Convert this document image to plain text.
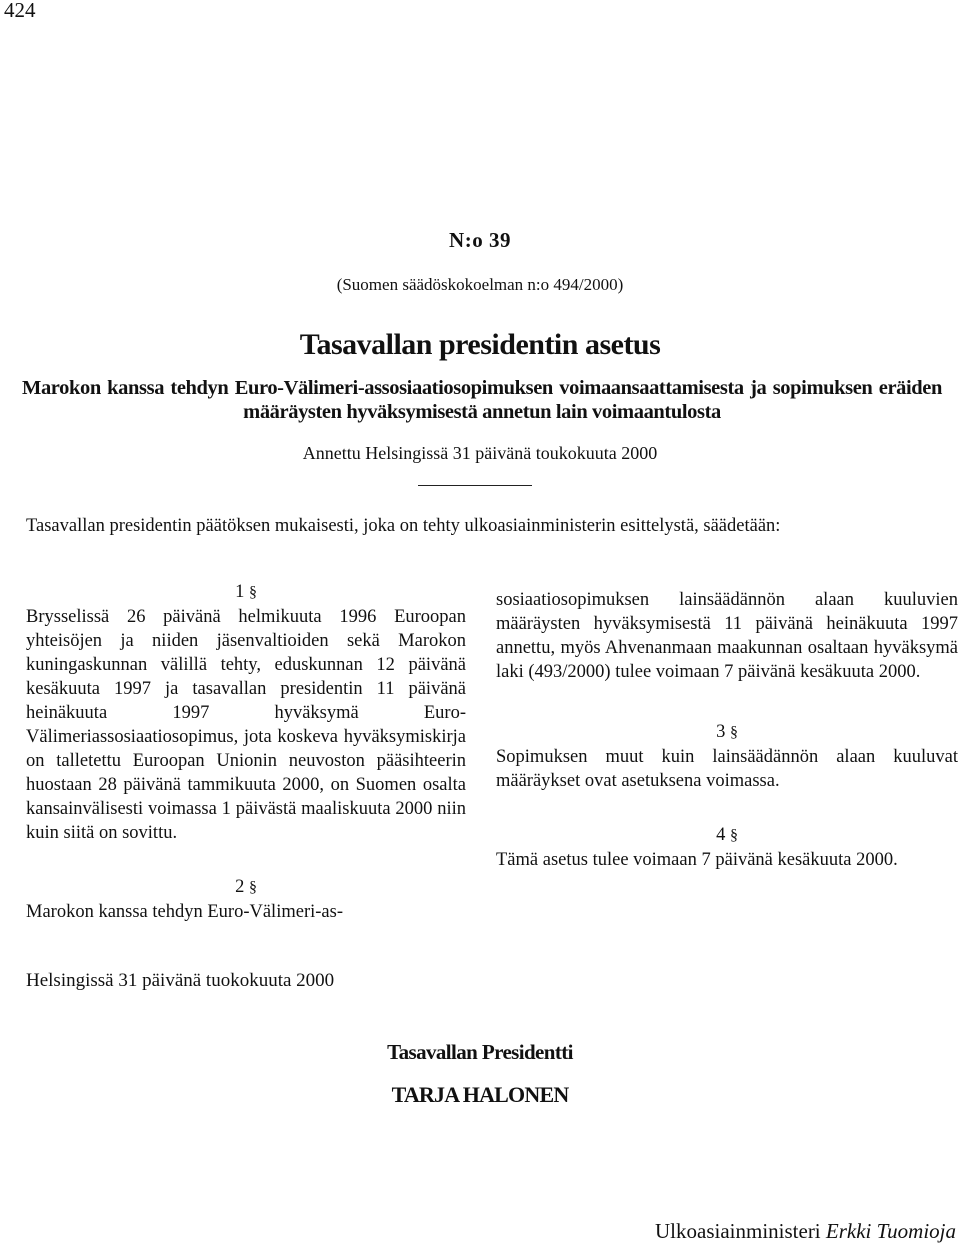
424
N:o 39
(Suomen säädöskokoelman n:o 494/2000)
Tasavallan presidentin asetus
Marokon kanssa tehdyn Euro-Välimeri-assosiaatiosopimuksen voimaansaattamisesta ja sopimuksen eräiden määräysten hyväksymisestä annetun lain voimaantulosta
Annettu Helsingissä 31 päivänä toukokuuta 2000
Tasavallan presidentin päätöksen mukaisesti, joka on tehty ulkoasiainministerin esittelystä, säädetään:

1 §

Brysselissä 26 päivänä helmikuuta 1996 Euroopan yhteisöjen ja niiden jäsenvaltioiden sekä Marokon kuningaskunnan välillä tehty, eduskunnan 12 päivänä kesäkuuta 1997 ja tasavallan presidentin 11 päivänä heinäkuuta 1997 hyväksymä Euro-Välimeriassosiaatiosopimus, jota koskeva hyväksymiskirja on talletettu Euroopan Unionin neuvoston pääsihteerin huostaan 28 päivänä tammikuuta 2000, on Suomen osalta kansainvälisesti voimassa 1 päivästä maaliskuuta 2000 niin kuin siitä on sovittu.

2 §

Marokon kanssa tehdyn Euro-Välimeri-as-

Helsingissä 31 päivänä tuokokuuta 2000

sosiaatiosopimuksen lainsäädännön alaan kuuluvien määräysten hyväksymisestä 11 päivänä heinäkuuta 1997 annettu, myös Ahvenanmaan maakunnan osaltaan hyväksymä laki (493/2000) tulee voimaan 7 päivänä kesäkuuta 2000.

3 §

Sopimuksen muut kuin lainsäädännön alaan kuuluvat määräykset ovat asetuksena voimassa.

4 §

Tämä asetus tulee voimaan 7 päivänä kesäkuuta 2000.

Tasavallan Presidentti
TARJA HALONEN
Ulkoasiainministeri Erkki Tuomioja
